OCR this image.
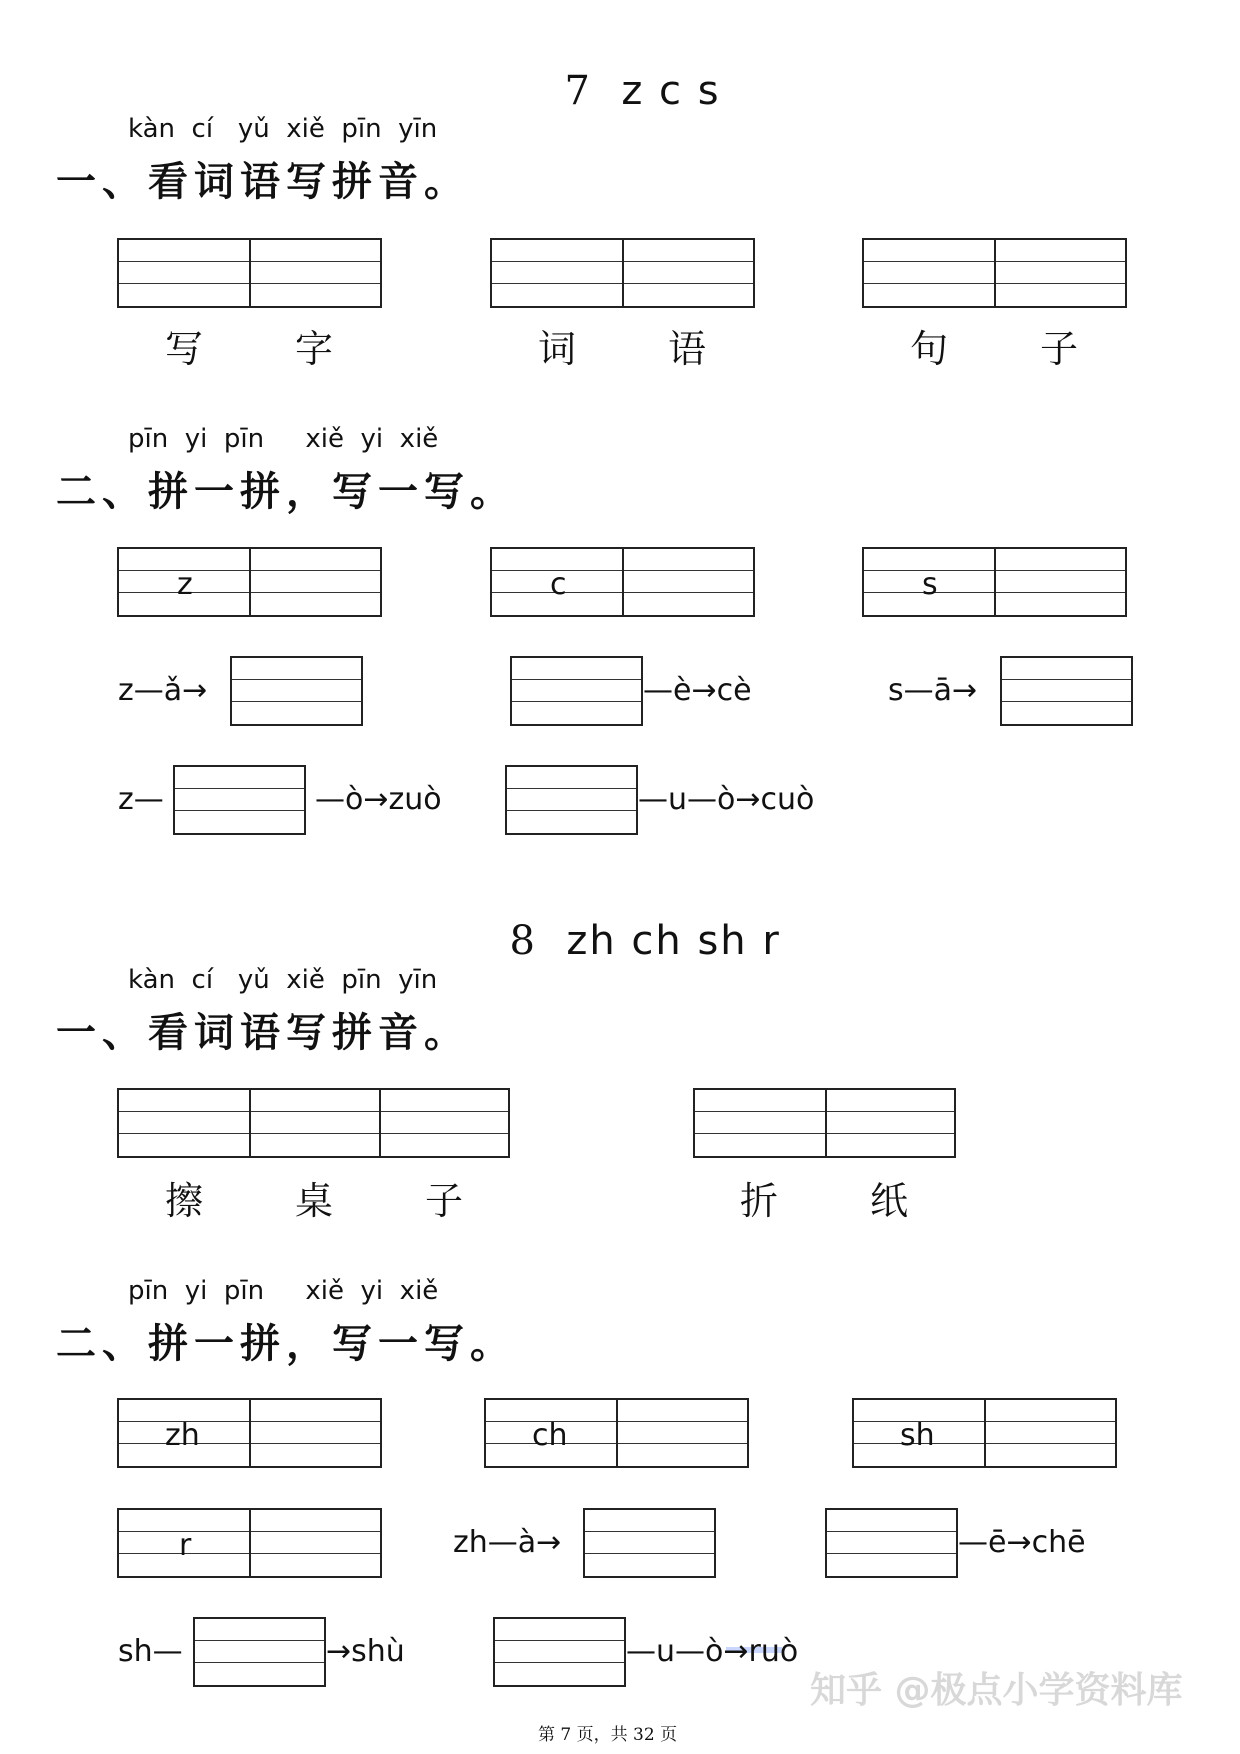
7 z c s

kàn  cí   yǔ  xiě  pīn  yīn
一、看词语写拼音。
写 字	词 语	句 子
pīn  yi  pīn     xiě  yi  xiě
二、拼一拼，写一写。
z	c	s
z—ǎ→	—è→cè	s—ā→
z—	—ò→zuò	—u—ò→cuò

8 zh ch sh r

kàn  cí   yǔ  xiě  pīn  yīn
一、看词语写拼音。
擦 桌 子	折 纸
pīn  yi  pīn     xiě  yi  xiě
二、拼一拼，写一写。
zh	ch	sh
r	zh—à→	—ē→chē
sh—	→shù	—u—ò→ruò
知乎 @极点小学资料库
第 7 页，共 32 页
